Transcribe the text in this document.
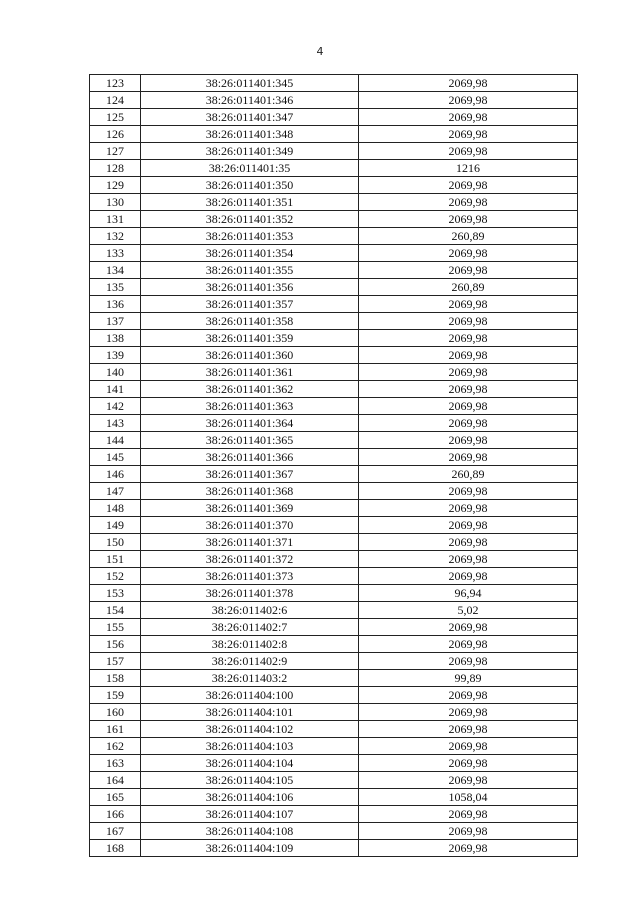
4
123	38:26:011401:345	2069,98
124	38:26:011401:346	2069,98
125	38:26:011401:347	2069,98
126	38:26:011401:348	2069,98
127	38:26:011401:349	2069,98
128	38:26:011401:35	1216
129	38:26:011401:350	2069,98
130	38:26:011401:351	2069,98
131	38:26:011401:352	2069,98
132	38:26:011401:353	260,89
133	38:26:011401:354	2069,98
134	38:26:011401:355	2069,98
135	38:26:011401:356	260,89
136	38:26:011401:357	2069,98
137	38:26:011401:358	2069,98
138	38:26:011401:359	2069,98
139	38:26:011401:360	2069,98
140	38:26:011401:361	2069,98
141	38:26:011401:362	2069,98
142	38:26:011401:363	2069,98
143	38:26:011401:364	2069,98
144	38:26:011401:365	2069,98
145	38:26:011401:366	2069,98
146	38:26:011401:367	260,89
147	38:26:011401:368	2069,98
148	38:26:011401:369	2069,98
149	38:26:011401:370	2069,98
150	38:26:011401:371	2069,98
151	38:26:011401:372	2069,98
152	38:26:011401:373	2069,98
153	38:26:011401:378	96,94
154	38:26:011402:6	5,02
155	38:26:011402:7	2069,98
156	38:26:011402:8	2069,98
157	38:26:011402:9	2069,98
158	38:26:011403:2	99,89
159	38:26:011404:100	2069,98
160	38:26:011404:101	2069,98
161	38:26:011404:102	2069,98
162	38:26:011404:103	2069,98
163	38:26:011404:104	2069,98
164	38:26:011404:105	2069,98
165	38:26:011404:106	1058,04
166	38:26:011404:107	2069,98
167	38:26:011404:108	2069,98
168	38:26:011404:109	2069,98
